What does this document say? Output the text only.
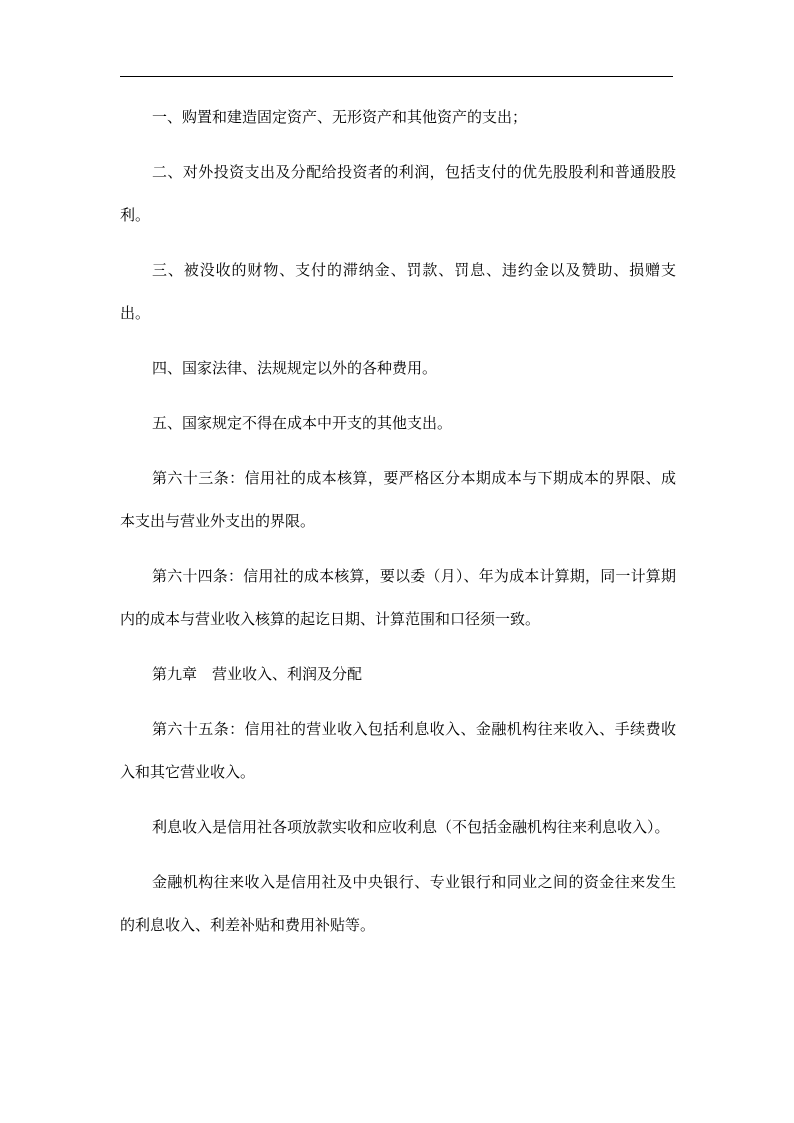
一、购置和建造固定资产、无形资产和其他资产的支出；

二、对外投资支出及分配给投资者的利润，包括支付的优先股股利和普通股股利。

三、被没收的财物、支付的滞纳金、罚款、罚息、违约金以及赞助、损赠支出。

四、国家法律、法规规定以外的各种费用。

五、国家规定不得在成本中开支的其他支出。

第六十三条：信用社的成本核算，要严格区分本期成本与下期成本的界限、成本支出与营业外支出的界限。

第六十四条：信用社的成本核算，要以委（月）、年为成本计算期，同一计算期内的成本与营业收入核算的起讫日期、计算范围和口径须一致。

第九章　营业收入、利润及分配

第六十五条：信用社的营业收入包括利息收入、金融机构往来收入、手续费收入和其它营业收入。

利息收入是信用社各项放款实收和应收利息（不包括金融机构往来利息收入）。

金融机构往来收入是信用社及中央银行、专业银行和同业之间的资金往来发生的利息收入、利差补贴和费用补贴等。
